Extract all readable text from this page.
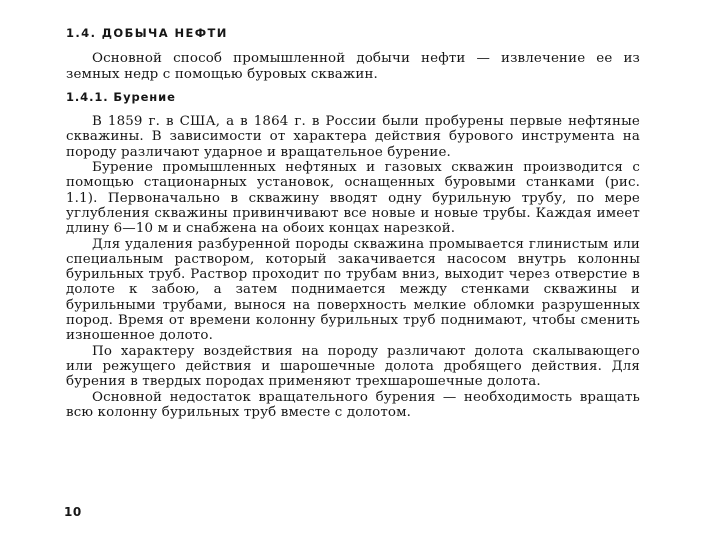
1.4. ДОБЫЧА НЕФТИ

Основной способ промышленной добычи нефти — извлечение ее из земных недр с помощью буровых скважин.

1.4.1. Бурение

В 1859 г. в США, а в 1864 г. в России были пробурены первые нефтяные скважины. В зависимости от характера действия бурового инструмента на породу различают ударное и вращательное бурение.

Бурение промышленных нефтяных и газовых скважин производится с помощью стационарных установок, оснащенных буровыми станками (рис. 1.1). Первоначально в скважину вводят одну бурильную трубу, по мере углубления скважины привинчивают все новые и новые трубы. Каждая имеет длину 6—10 м и снабжена на обоих концах нарезкой.

Для удаления разбуренной породы скважина промывается глинистым или специальным раствором, который закачивается насосом внутрь колонны бурильных труб. Раствор проходит по трубам вниз, выходит через отверстие в долоте к забою, а затем поднимается между стенками скважины и бурильными трубами, вынося на поверхность мелкие обломки разрушенных пород. Время от времени колонну бурильных труб поднимают, чтобы сменить изношенное долото.

По характеру воздействия на породу различают долота скалывающего или режущего действия и шарошечные долота дробящего действия. Для бурения в твердых породах применяют трехшарошечные долота.

Основной недостаток вращательного бурения — необходимость вращать всю колонну бурильных труб вместе с долотом.

10
